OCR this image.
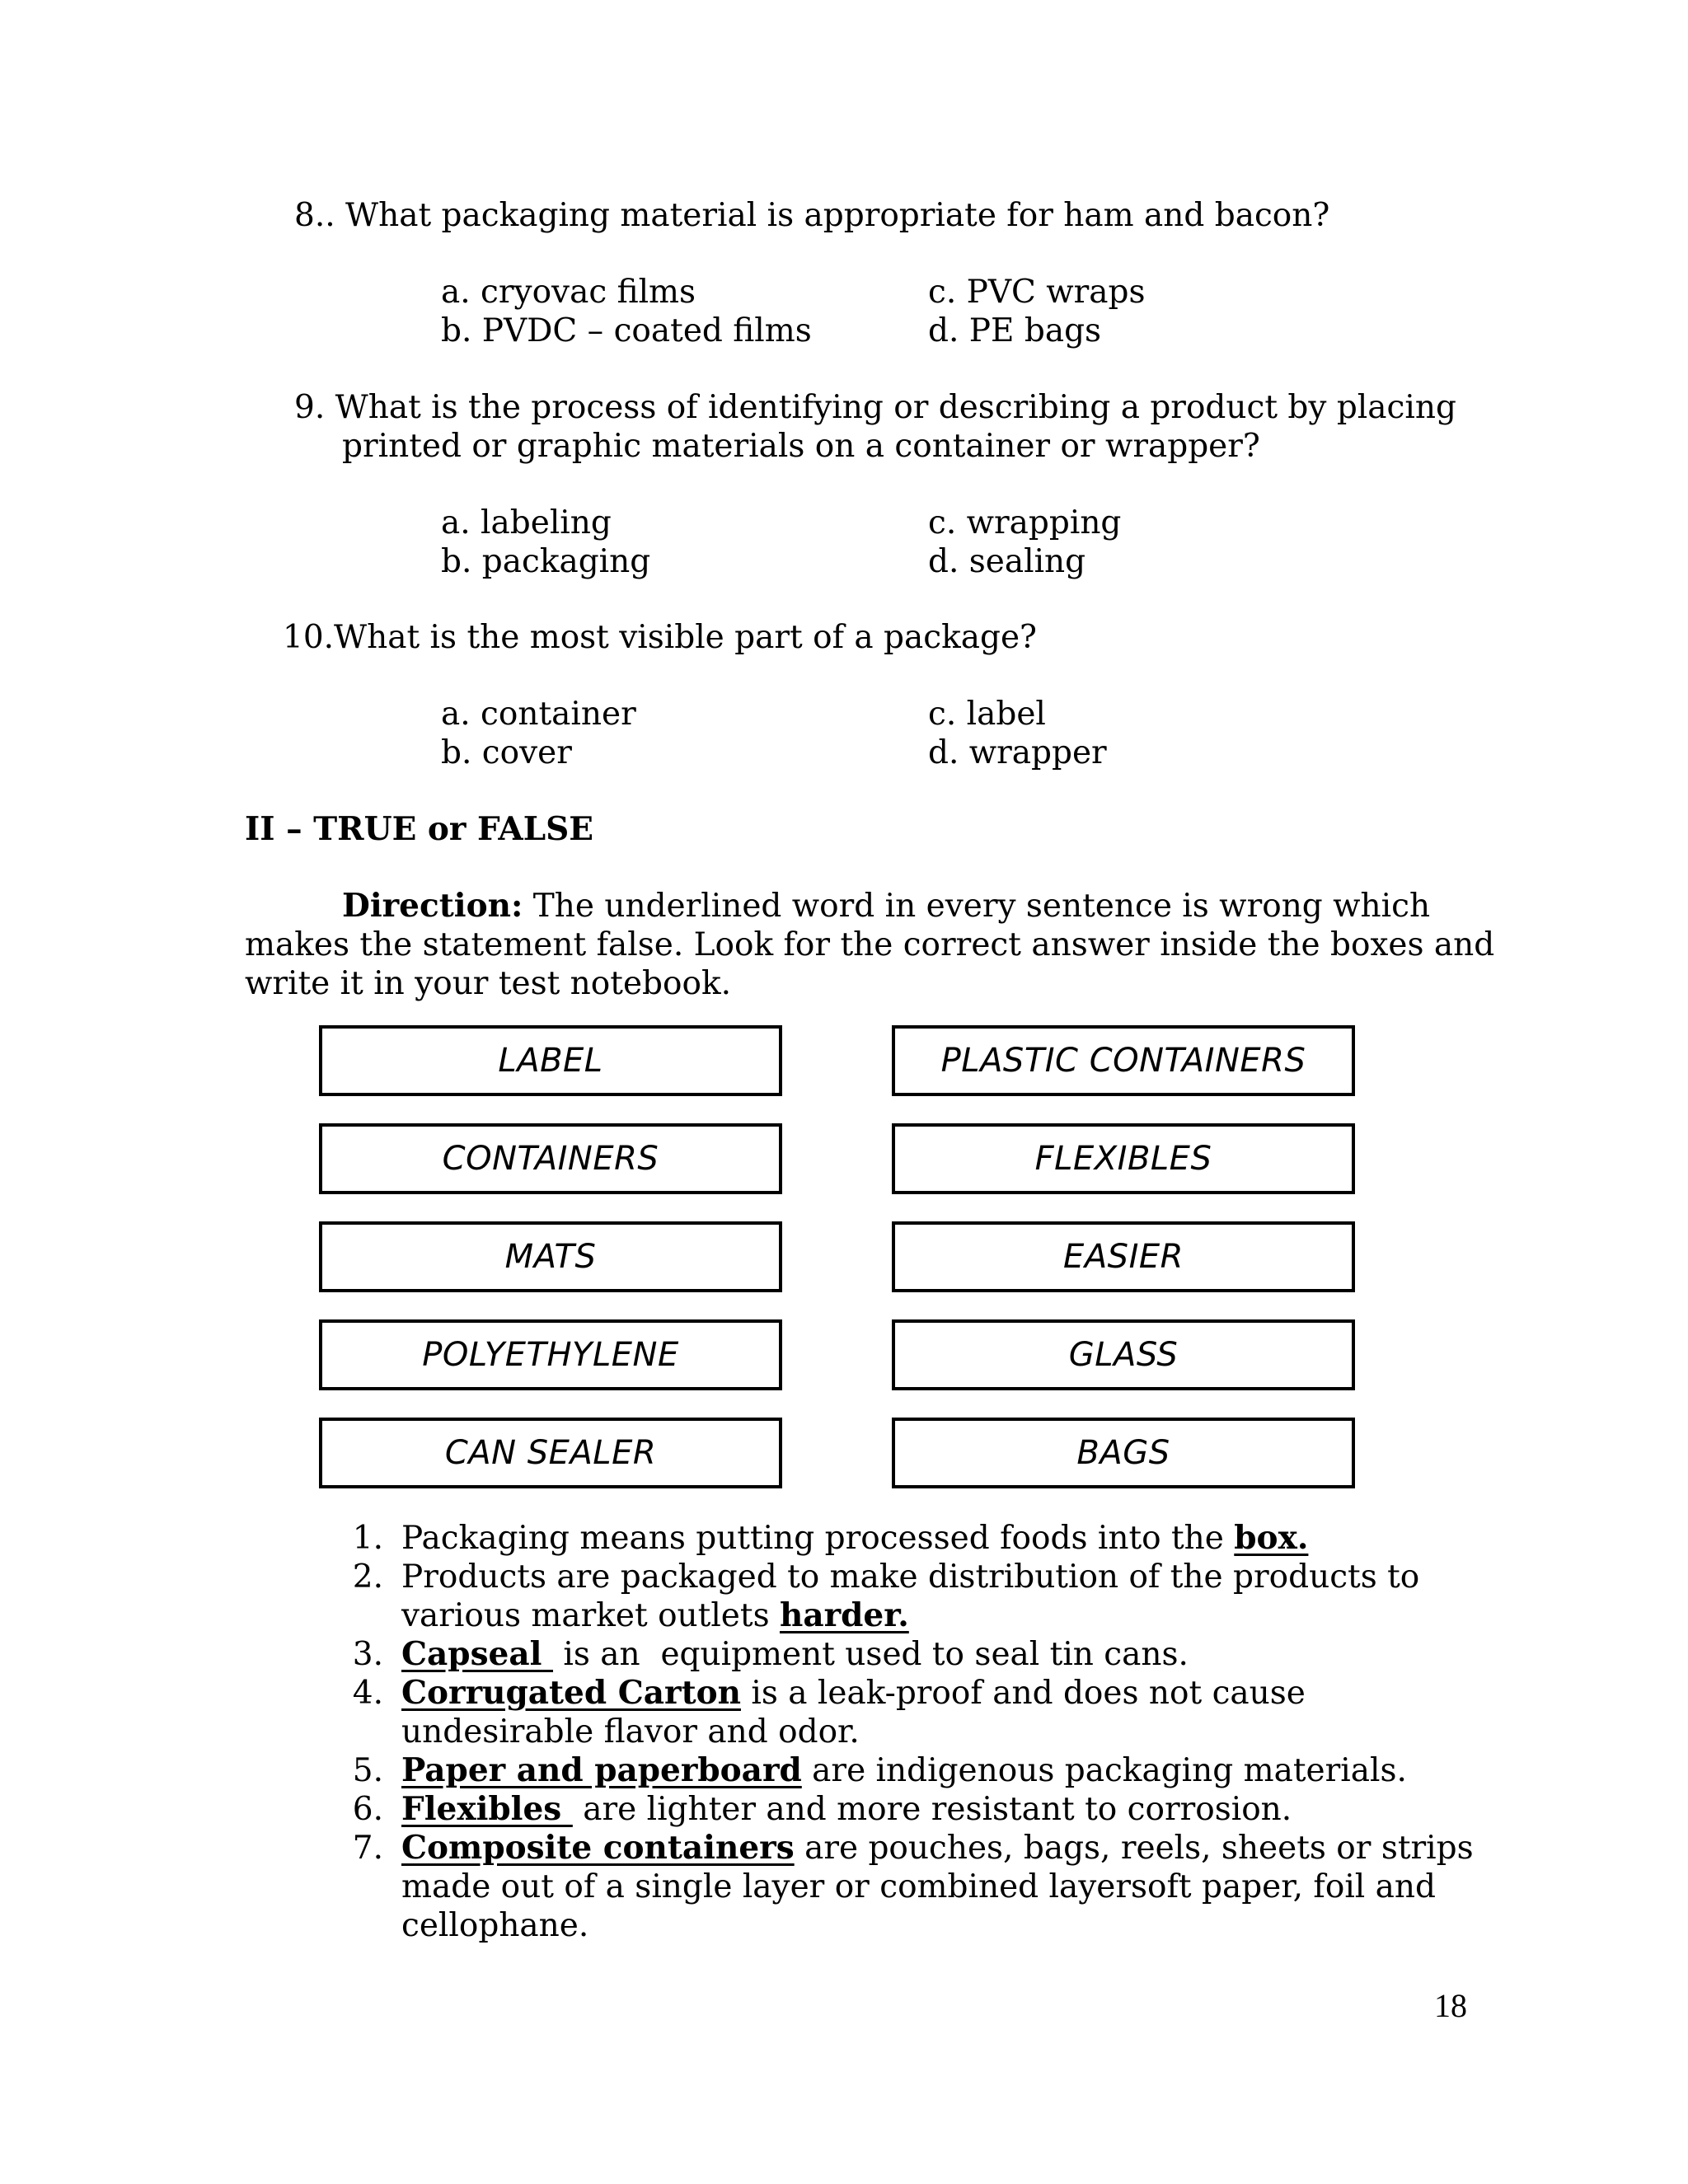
8.. What packaging material is appropriate for ham and bacon?
a. cryovac films
b. PVDC – coated films
c. PVC wraps
d. PE bags
9. What is the process of identifying or describing a product by placing
printed or graphic materials on a container or wrapper?
a. labeling
b. packaging
c. wrapping
d. sealing
10.What is the most visible part of a package?
a. container
b. cover
c. label
d. wrapper
II – TRUE or FALSE
Direction: The underlined word in every sentence is wrong which
makes the statement false. Look for the correct answer inside the boxes and
write it in your test notebook.
LABEL
CONTAINERS
MATS
POLYETHYLENE
CAN SEALER
PLASTIC CONTAINERS
FLEXIBLES
EASIER
GLASS
BAGS
1. Packaging means putting processed foods into the box.
2. Products are packaged to make distribution of the products to various market outlets harder.
3. Capseal  is an  equipment used to seal tin cans.
4. Corrugated Carton is a leak-proof and does not cause undesirable flavor and odor.
5. Paper and paperboard are indigenous packaging materials.
6. Flexibles  are lighter and more resistant to corrosion.
7. Composite containers are pouches, bags, reels, sheets or strips made out of a single layer or combined layersoft paper, foil and cellophane.
18
